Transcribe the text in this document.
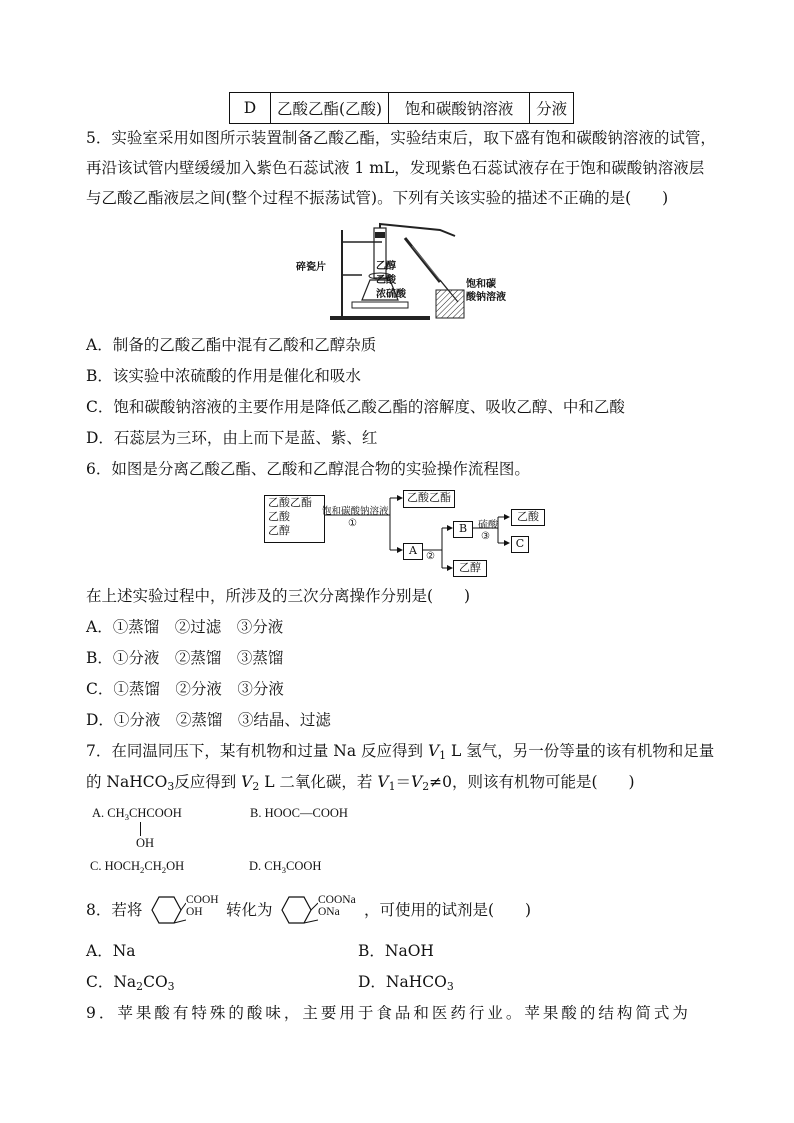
D	乙酸乙酯(乙酸)	饱和碳酸钠溶液	分液
5．实验室采用如图所示装置制备乙酸乙酯，实验结束后，取下盛有饱和碳酸钠溶液的试管，
再沿该试管内壁缓缓加入紫色石蕊试液 1 mL，发现紫色石蕊试液存在于饱和碳酸钠溶液层
与乙酸乙酯液层之间(整个过程不振荡试管)。下列有关该实验的描述不正确的是(　　)
碎瓷片	乙醇
乙酸
浓硫酸
饱和碳
酸钠溶液
A．制备的乙酸乙酯中混有乙酸和乙醇杂质
B．该实验中浓硫酸的作用是催化和吸水
C．饱和碳酸钠溶液的主要作用是降低乙酸乙酯的溶解度、吸收乙醇、中和乙酸
D．石蕊层为三环，由上而下是蓝、紫、红
6．如图是分离乙酸乙酯、乙酸和乙醇混合物的实验操作流程图。
乙酸乙酯
乙酸
乙醇
饱和碳酸钠溶液
①
乙酸乙酯
A ②
B	硫酸
③
乙醇
乙酸
C
在上述实验过程中，所涉及的三次分离操作分别是(　　)
A．①蒸馏　②过滤　③分液
B．①分液　②蒸馏　③蒸馏
C．①蒸馏　②分液　③分液
D．①分液　②蒸馏　③结晶、过滤
7．在同温同压下，某有机物和过量 Na 反应得到 $V_1$ L 氢气，另一份等量的该有机物和足量
的 NaHCO$_3$反应得到 $V_2$ L 二氧化碳，若 $V_1=V_2\ne 0$，则该有机物可能是(　　)
A. $CH_3CHCOOH$
OH
B. HOOC—COOH
C. $HOCH_2CH_2OH$	D. $CH_3COOH$
8．若将
COOH
OH	转化为
COONa
ONa	，可使用的试剂是(　　)
A．Na	B．NaOH
C．$Na_2CO_3$	D．NaHCO$_3$
9．苹果酸有特殊的酸味，主要用于食品和医药行业。苹果酸的结构简式为
